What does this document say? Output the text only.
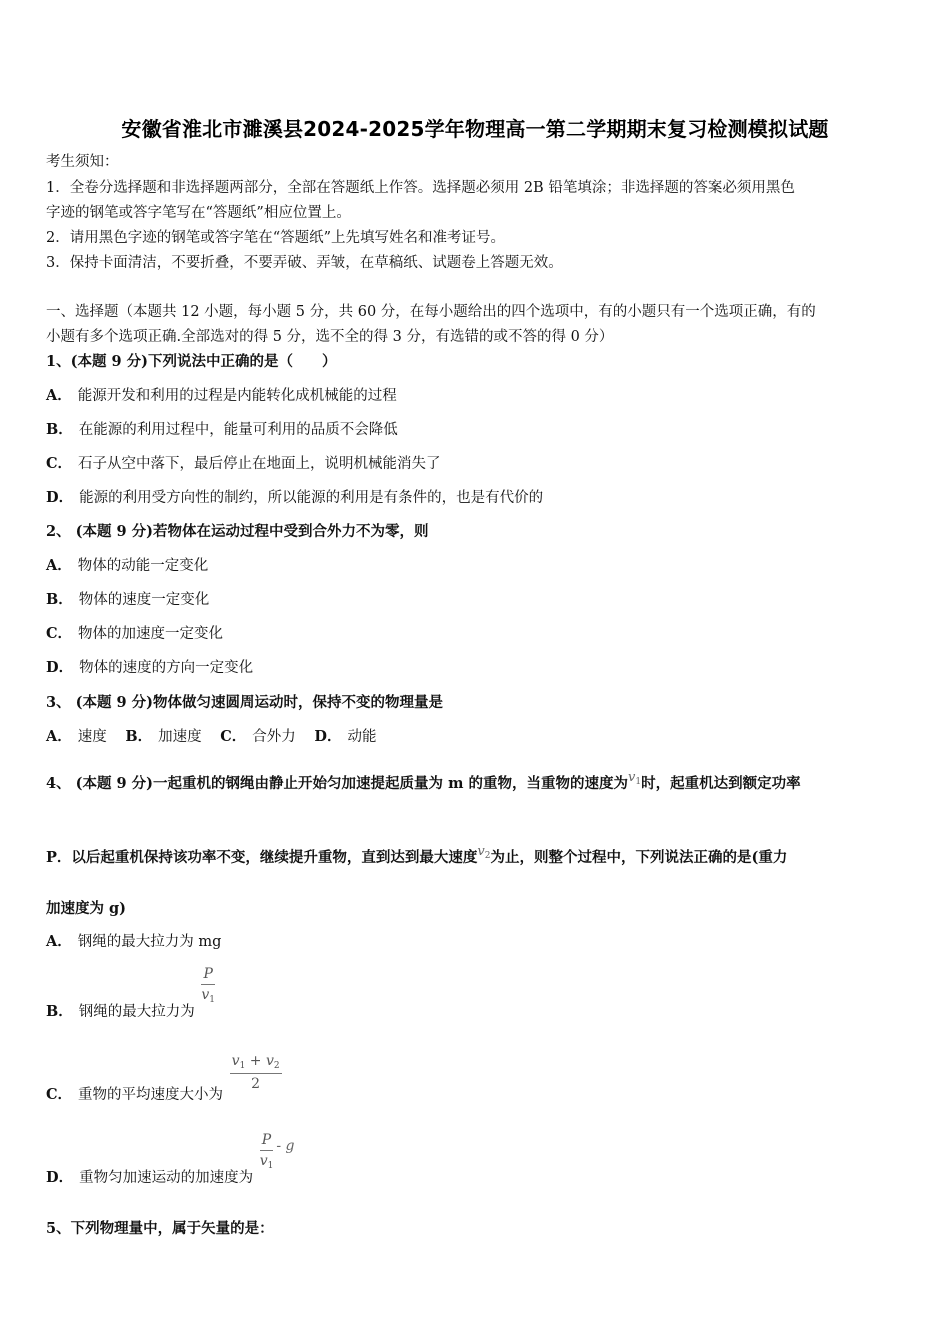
安徽省淮北市濉溪县2024-2025学年物理高一第二学期期末复习检测模拟试题
考生须知：
1．全卷分选择题和非选择题两部分，全部在答题纸上作答。选择题必须用 2B 铅笔填涂；非选择题的答案必须用黑色
字迹的钢笔或答字笔写在“答题纸”相应位置上。
2．请用黑色字迹的钢笔或答字笔在“答题纸”上先填写姓名和准考证号。
3．保持卡面清洁，不要折叠，不要弄破、弄皱，在草稿纸、试题卷上答题无效。
一、选择题（本题共 12 小题，每小题 5 分，共 60 分，在每小题给出的四个选项中，有的小题只有一个选项正确，有的
小题有多个选项正确.全部选对的得 5 分，选不全的得 3 分，有选错的或不答的得 0 分）
1、(本题 9 分)下列说法中正确的是（　　）
A． 能源开发和利用的过程是内能转化成机械能的过程
B． 在能源的利用过程中，能量可利用的品质不会降低
C． 石子从空中落下，最后停止在地面上，说明机械能消失了
D． 能源的利用受方向性的制约，所以能源的利用是有条件的，也是有代价的
2、 (本题 9 分)若物体在运动过程中受到合外力不为零，则
A． 物体的动能一定变化
B． 物体的速度一定变化
C． 物体的加速度一定变化
D． 物体的速度的方向一定变化
3、 (本题 9 分)物体做匀速圆周运动时，保持不变的物理量是
A． 速度 B． 加速度 C． 合外力 D． 动能
4、 (本题 9 分)一起重机的钢绳由静止开始匀加速提起质量为 m 的重物，当重物的速度为$v_1$时，起重机达到额定功率
P．以后起重机保持该功率不变，继续提升重物，直到达到最大速度$v_2$为止，则整个过程中，下列说法正确的是(重力
加速度为 g)
A． 钢绳的最大拉力为 mg
B． 钢绳的最大拉力为
$\frac{P}{v_1}$
C． 重物的平均速度大小为
$\frac{v_1 + v_2}{2}$
D． 重物匀加速运动的加速度为
$\frac{P}{v_1}$ - g
5、下列物理量中，属于矢量的是：
